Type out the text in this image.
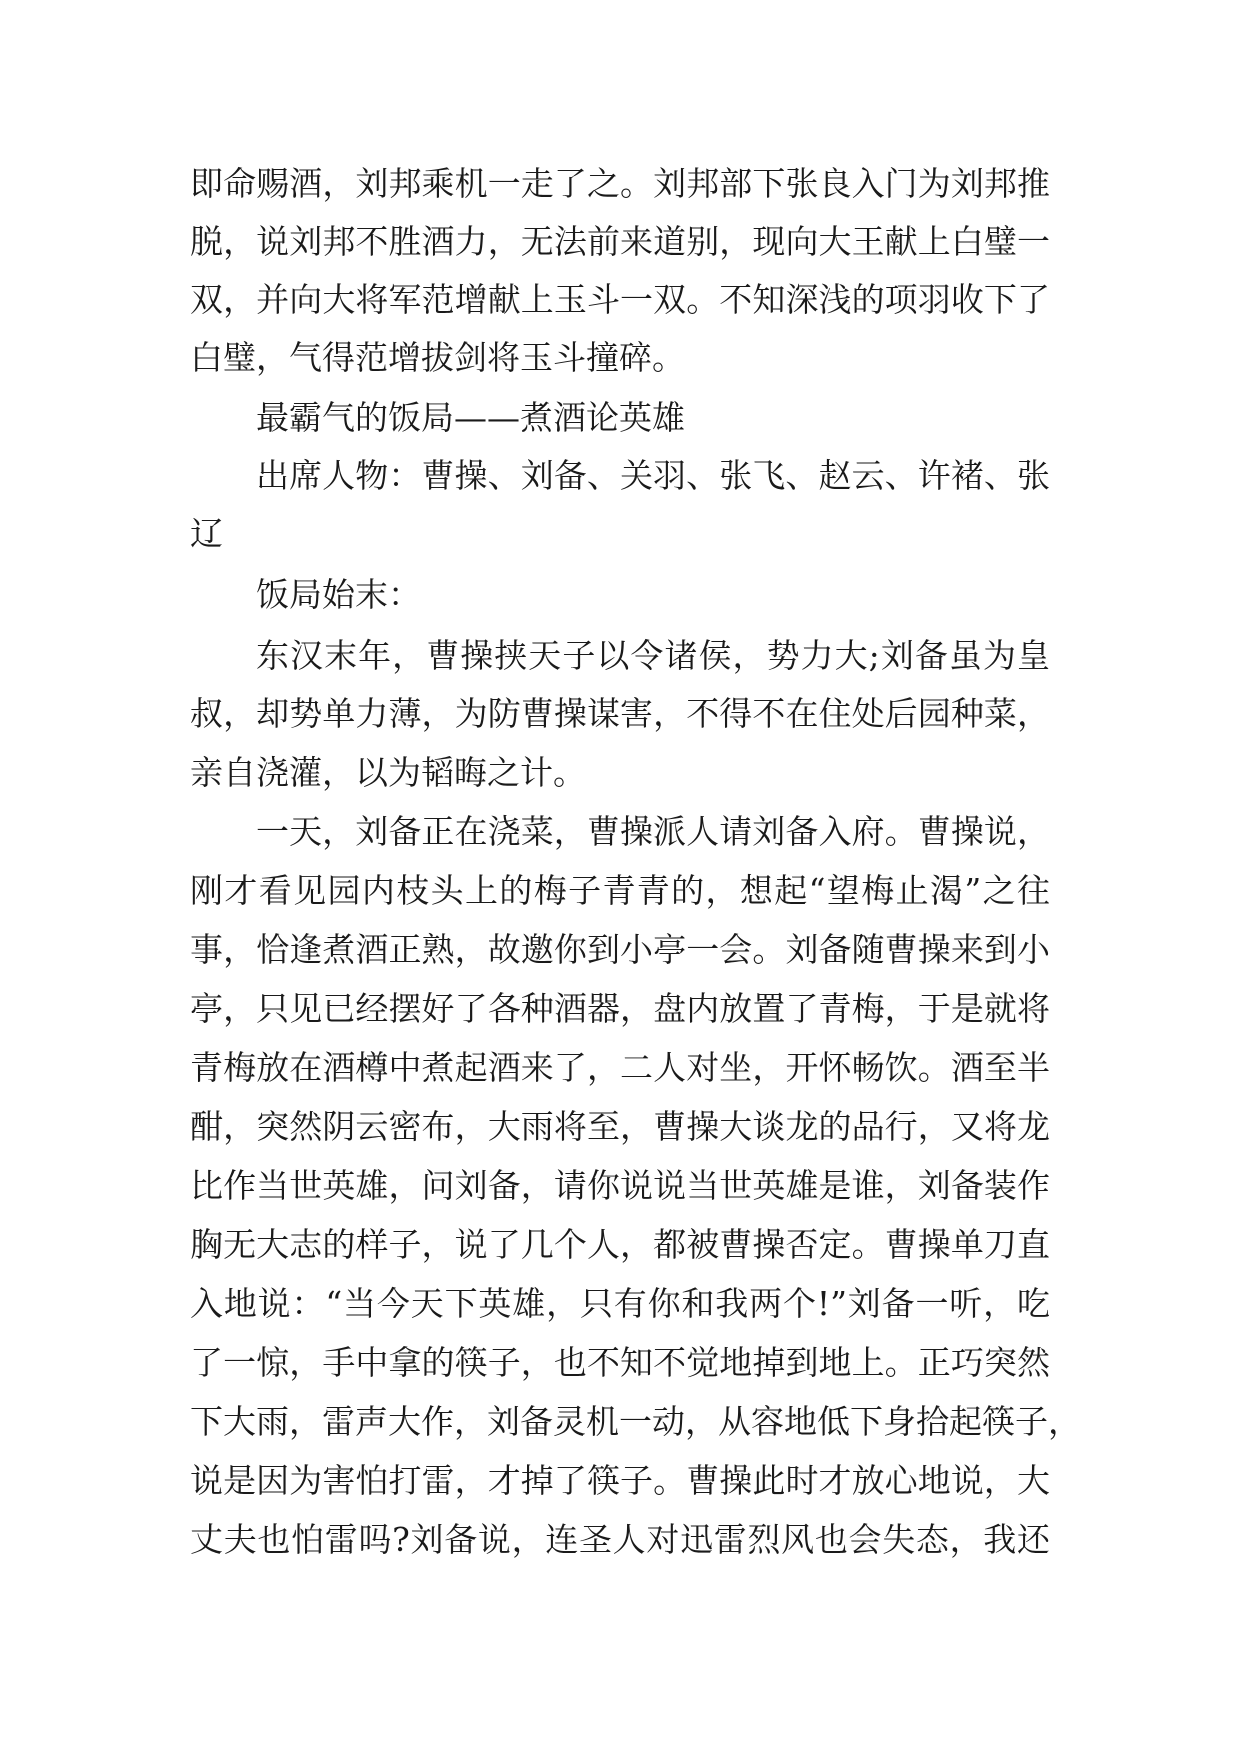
即命赐酒，刘邦乘机一走了之。刘邦部下张良入门为刘邦推
脱，说刘邦不胜酒力，无法前来道别，现向大王献上白璧一
双，并向大将军范增献上玉斗一双。不知深浅的项羽收下了
白璧，气得范增拔剑将玉斗撞碎。
最霸气的饭局——煮酒论英雄
出席人物：曹操、刘备、关羽、张飞、赵云、许褚、张
辽
饭局始末：
东汉末年，曹操挟天子以令诸侯，势力大;刘备虽为皇
叔，却势单力薄，为防曹操谋害，不得不在住处后园种菜，
亲自浇灌，以为韬晦之计。
一天，刘备正在浇菜，曹操派人请刘备入府。曹操说，
刚才看见园内枝头上的梅子青青的，想起“望梅止渴”之往
事，恰逢煮酒正熟，故邀你到小亭一会。刘备随曹操来到小
亭，只见已经摆好了各种酒器，盘内放置了青梅，于是就将
青梅放在酒樽中煮起酒来了，二人对坐，开怀畅饮。酒至半
酣，突然阴云密布，大雨将至，曹操大谈龙的品行，又将龙
比作当世英雄，问刘备，请你说说当世英雄是谁，刘备装作
胸无大志的样子，说了几个人，都被曹操否定。曹操单刀直
入地说：“当今天下英雄，只有你和我两个!”刘备一听，吃
了一惊，手中拿的筷子，也不知不觉地掉到地上。正巧突然
下大雨，雷声大作，刘备灵机一动，从容地低下身拾起筷子，
说是因为害怕打雷，才掉了筷子。曹操此时才放心地说，大
丈夫也怕雷吗?刘备说，连圣人对迅雷烈风也会失态，我还
